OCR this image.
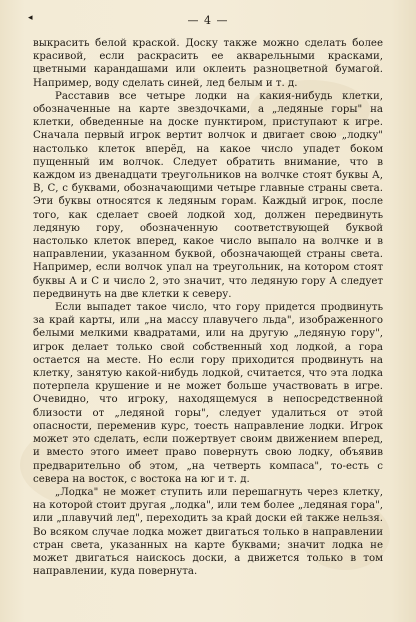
◂	— 4 —

выкрасить белой краской. Доску также можно сделать более красивой, если раскрасить ее акварельными красками, цветными карандашами или оклеить разноцветной бумагой. Например, воду сделать синей, лед белым и т. д.

Расставив все четыре лодки на какия-нибудь клетки, обозначенные на карте звездочками, а „ледяные горы" на клетки, обведенные на доске пунктиром, приступают к игре. Сначала первый игрок вертит волчок и двигает свою „лодку" настолько клеток вперёд, на какое число упадет боком пущенный им волчок. Следует обратить внимание, что в каждом из двенадцати треугольников на волчке стоят буквы А, В, С, с буквами, обозначающими четыре главные страны света. Эти буквы относятся к ледяным горам. Каждый игрок, после того, как сделает своей лодкой ход, должен передвинуть ледяную гору, обозначенную соответствующей буквой настолько клеток вперед, какое число выпало на волчке и в направлении, указанном буквой, обозначающей страны света. Например, если волчок упал на треугольник, на котором стоят буквы А и С и число 2, это значит, что ледяную гору А следует передвинуть на две клетки к северу.

Если выпадет такое число, что гору придется продвинуть за край карты, или „на массу плавучего льда", изображенного белыми мелкими квадратами, или на другую „ледяную гору", игрок делает только свой собственный ход лодкой, а гора остается на месте. Но если гору приходится продвинуть на клетку, занятую какой-нибудь лодкой, считается, что эта лодка потерпела крушение и не может больше участвовать в игре. Очевидно, что игроку, находящемуся в непосредственной близости от „ледяной горы", следует удалиться от этой опасности, переменив курс, тоесть направление лодки. Игрок может это сделать, если пожертвует своим движением вперед, и вместо этого имеет право повернуть свою лодку, объявив предварительно об этом, „на четверть компаса", то-есть с севера на восток, с востока на юг и т. д.

„Лодка" не может ступить или перешагнуть через клетку, на которой стоит другая „лодка", или тем более „ледяная гора", или „плавучий лед", переходить за край доски ей также нельзя. Во всяком случае лодка может двигаться только в направлении стран света, указанных на карте буквами; значит лодка не может двигаться наискось доски, а движется только в том направлении, куда повернута.
